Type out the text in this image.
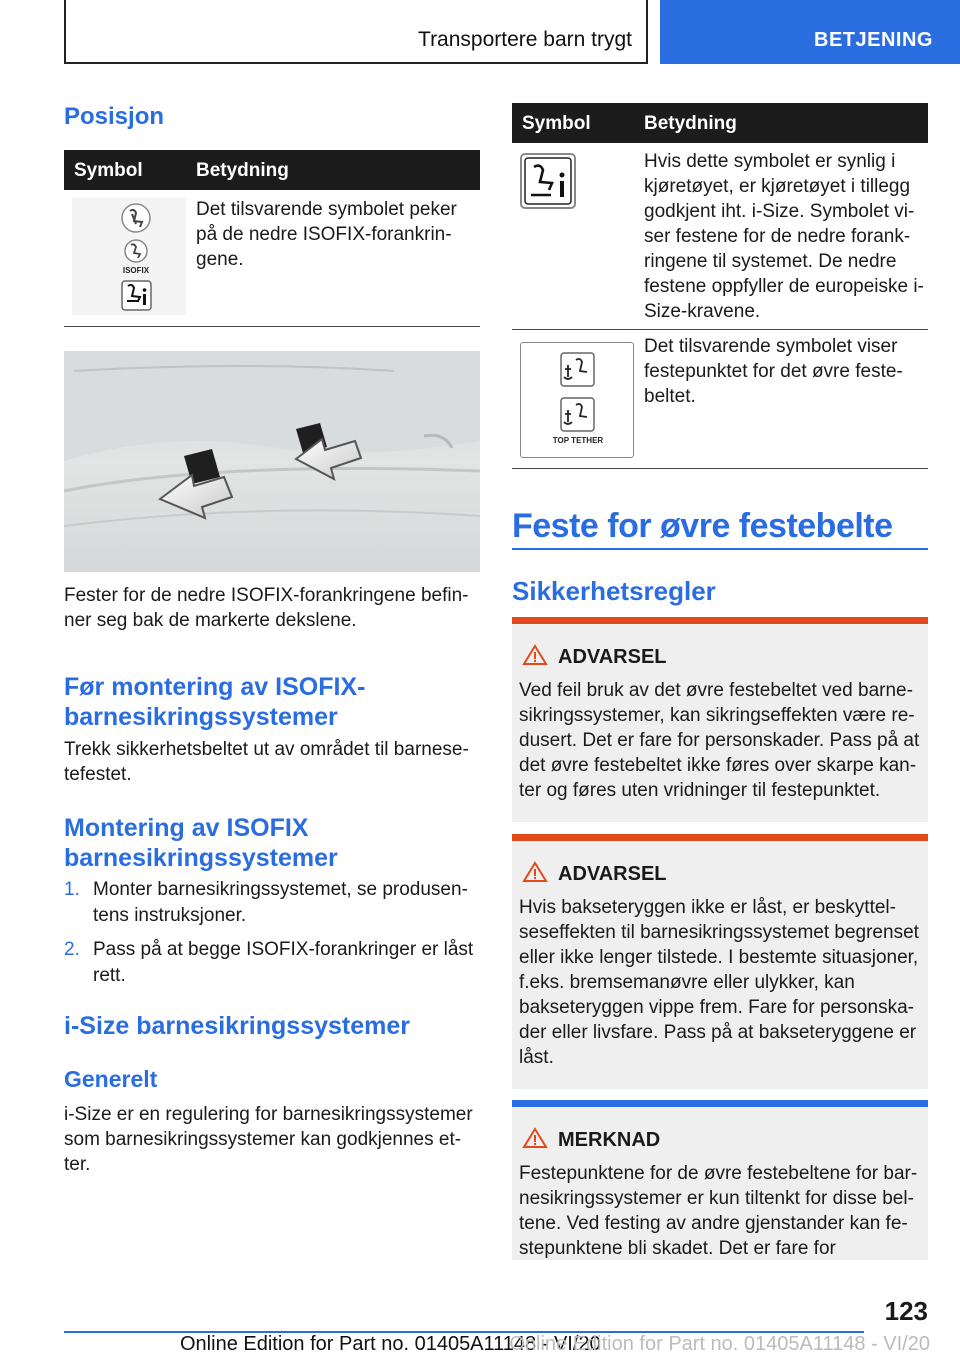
Transportere barn trygt	BETJENING
Posisjon
Symbol	Betydning

ISOFIX	Det tilsvarende symbolet peker på de nedre ISOFIX-forankringene.
Fester for de nedre ISOFIX-forankringene befinner seg bak de markerte dekslene.
Før montering av ISOFIX-barnesikringssystemer
Trekk sikkerhetsbeltet ut av området til barnesetefestet.
Montering av ISOFIX barnesikringssystemer
1. Monter barnesikringssystemet, se produsentens instruksjoner.
2. Pass på at begge ISOFIX-forankringer er låst rett.
i-Size barnesikringssystemer
Generelt
i-Size er en regulering for barnesikringssystemer som barnesikringssystemer kan godkjennes etter.
Symbol	Betydning

	Hvis dette symbolet er synlig i kjøretøyet, er kjøretøyet i tillegg godkjent iht. i-Size. Symbolet viser festene for de nedre forankringene til systemet. De nedre festene oppfyller de europeiske i-Size-kravene.

TOP TETHER	Det tilsvarende symbolet viser festepunktet for det øvre festebeltet.
Feste for øvre festebelte
Sikkerhetsregler
ADVARSEL
Ved feil bruk av det øvre festebeltet ved barnesikringssystemer, kan sikringseffekten være redusert. Det er fare for personskader. Pass på at det øvre festebeltet ikke føres over skarpe kanter og føres uten vridninger til festepunktet.
ADVARSEL
Hvis bakseteryggen ikke er låst, er beskyttelseseffekten til barnesikringssystemet begrenset eller ikke lenger tilstede. I bestemte situasjoner, f.eks. bremsemanøvre eller ulykker, kan bakseteryggen vippe frem. Fare for personskader eller livsfare. Pass på at bakseteryggene er låst.
MERKNAD
Festepunktene for de øvre festebeltene for barnesikringssystemer er kun tiltenkt for disse beltene. Ved festing av andre gjenstander kan festepunktene bli skadet. Det er fare for
123
Online Edition for Part no. 01405A11148 - VI/20
Online Edition for Part no. 01405A11148 - VI/20
